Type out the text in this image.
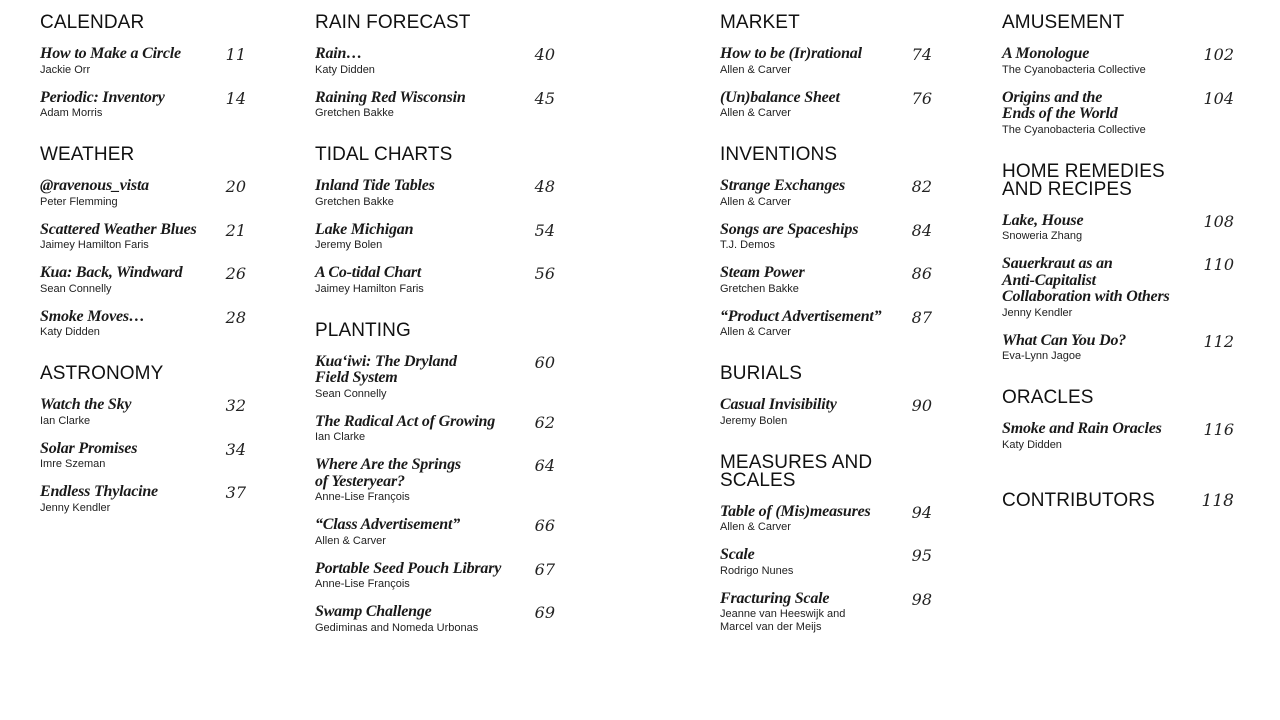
CALENDAR
How to Make a Circle
Jackie Orr
11
Periodic: Inventory
Adam Morris
14
WEATHER
@ravenous_vista
Peter Flemming
20
Scattered Weather Blues
Jaimey Hamilton Faris
21
Kua: Back, Windward
Sean Connelly
26
Smoke Moves…
Katy Didden
28
ASTRONOMY
Watch the Sky
Ian Clarke
32
Solar Promises
Imre Szeman
34
Endless Thylacine
Jenny Kendler
37
RAIN FORECAST
Rain…
Katy Didden
40
Raining Red Wisconsin
Gretchen Bakke
45
TIDAL CHARTS
Inland Tide Tables
Gretchen Bakke
48
Lake Michigan
Jeremy Bolen
54
A Co-tidal Chart
Jaimey Hamilton Faris
56
PLANTING
Kuaʻiwi: The Dryland
Field System
Sean Connelly
60
The Radical Act of Growing
Ian Clarke
62
Where Are the Springs
of Yesteryear?
Anne-Lise François
64
“Class Advertisement”
Allen & Carver
66
Portable Seed Pouch Library
Anne-Lise François
67
Swamp Challenge
Gediminas and Nomeda Urbonas
69
MARKET
How to be (Ir)rational
Allen & Carver
74
(Un)balance Sheet
Allen & Carver
76
INVENTIONS
Strange Exchanges
Allen & Carver
82
Songs are Spaceships
T.J. Demos
84
Steam Power
Gretchen Bakke
86
“Product Advertisement”
Allen & Carver
87
BURIALS
Casual Invisibility
Jeremy Bolen
90
MEASURES AND
SCALES
Table of (Mis)measures
Allen & Carver
94
Scale
Rodrigo Nunes
95
Fracturing Scale
Jeanne van Heeswijk and
Marcel van der Meijs
98
AMUSEMENT
A Monologue
The Cyanobacteria Collective
102
Origins and the
Ends of the World
The Cyanobacteria Collective
104
HOME REMEDIES
AND RECIPES
Lake, House
Snoweria Zhang
108
Sauerkraut as an
Anti-Capitalist
Collaboration with Others
Jenny Kendler
110
What Can You Do?
Eva-Lynn Jagoe
112
ORACLES
Smoke and Rain Oracles
Katy Didden
116
CONTRIBUTORS	118
